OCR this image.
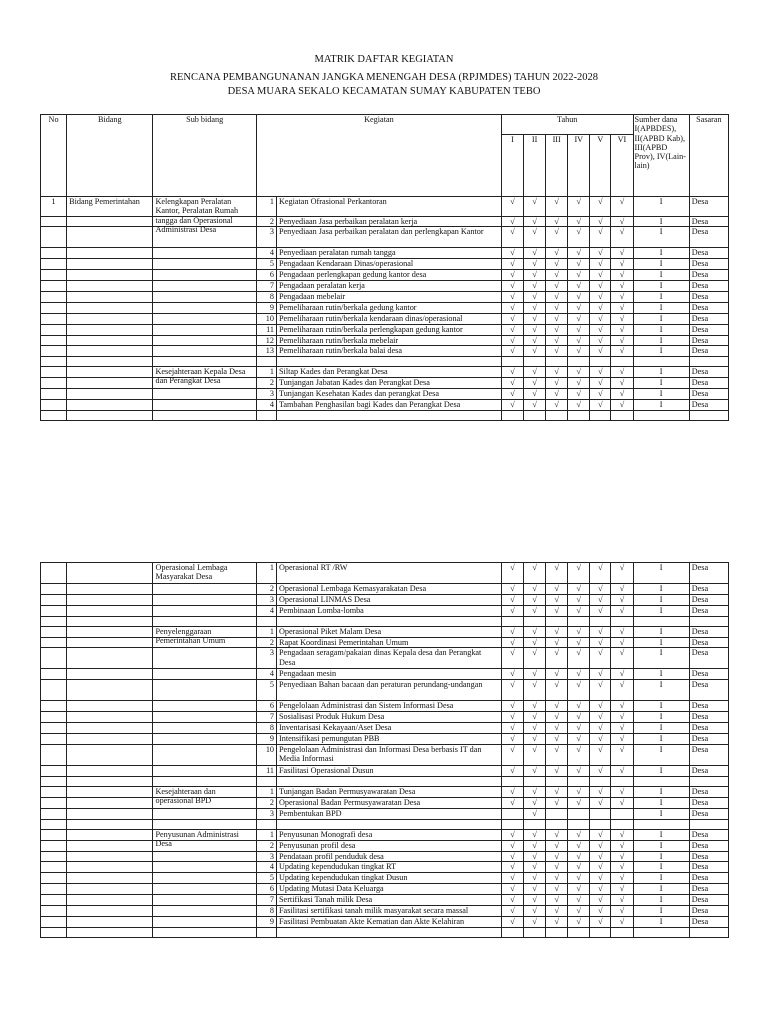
MATRIK DAFTAR KEGIATAN
RENCANA PEMBANGUNANAN JANGKA MENENGAH DESA (RPJMDES) TAHUN 2022-2028
DESA MUARA SEKALO KECAMATAN SUMAY KABUPATEN TEBO
No	Bidang	Sub bidang	Kegiatan		Tahun						Sumber dana I(APBDES), II(APBD Kab), III(APBD Prov), IV(Lain-lain)	Sasaran
					I	II	III	IV	V	VI		
1	Bidang Pemerintahan	Kelengkapan Peralatan Kantor, Peralatan Rumah tangga dan Operasional Administrasi Desa	1	Kegiatan Ofrasional Perkantoran	√	√	√	√	√	√	I	Desa
			2	Penyediaan Jasa perbaikan peralatan kerja	√	√	√	√	√	√	I	Desa
			3	Penyediaan Jasa perbaikan peralatan dan perlengkapan Kantor	√	√	√	√	√	√	I	Desa
			4	Penyediaan peralatan rumah tangga	√	√	√	√	√	√	I	Desa
			5	Pengadaan Kendaraan Dinas/operasional	√	√	√	√	√	√	I	Desa
			6	Pengadaan perlengkapan gedung kantor desa	√	√	√	√	√	√	I	Desa
			7	Pengadaan peralatan kerja	√	√	√	√	√	√	I	Desa
			8	Pengadaan mebelair	√	√	√	√	√	√	I	Desa
			9	Pemeliharaan rutin/berkala gedung kantor	√	√	√	√	√	√	I	Desa
			10	Pemeliharaan rutin/berkala kendaraan dinas/operasional	√	√	√	√	√	√	I	Desa
			11	Pemeliharaan rutin/berkala perlengkapan gedung kantor	√	√	√	√	√	√	I	Desa
			12	Pemeliharaan rutin/berkala mebelair	√	√	√	√	√	√	I	Desa
			13	Pemeliharaan rutin/berkala balai desa	√	√	√	√	√	√	I	Desa

		Kesejahteraan Kepala Desa dan Perangkat Desa	1	Siltap Kades dan Perangkat Desa	√	√	√	√	√	√	I	Desa
			2	Tunjangan Jabatan Kades dan Perangkat Desa	√	√	√	√	√	√	I	Desa
			3	Tunjangan Kesehatan Kades dan perangkat Desa	√	√	√	√	√	√	I	Desa
			4	Tambahan Penghasilan bagi Kades dan Perangkat Desa	√	√	√	√	√	√	I	Desa

		Operasional Lembaga Masyarakat Desa	1	Operasional RT /RW	√	√	√	√	√	√	I	Desa
			2	Operasional Lembaga Kemasyarakatan Desa	√	√	√	√	√	√	I	Desa
			3	Operasional LINMAS Desa	√	√	√	√	√	√	I	Desa
			4	Pembinaan Lomba-lomba	√	√	√	√	√	√	I	Desa

		Penyelenggaraan Pemerintahan Umum	1	Operasional Piket Malam Desa	√	√	√	√	√	√	I	Desa
			2	Rapat Koordinasi Pemerintahan Umum	√	√	√	√	√	√	I	Desa
			3	Pengadaan seragam/pakaian dinas Kepala desa dan Perangkat Desa	√	√	√	√	√	√	I	Desa
			4	Pengadaan mesin	√	√	√	√	√	√	I	Desa
			5	Penyediaan Bahan bacaan dan peraturan perundang-undangan	√	√	√	√	√	√	I	Desa
			6	Pengelolaan Administrasi dan Sistem Informasi Desa	√	√	√	√	√	√	I	Desa
			7	Sosialisasi Produk Hukum Desa	√	√	√	√	√	√	I	Desa
			8	Inventarisasi Kekayaan/Aset Desa	√	√	√	√	√	√	I	Desa
			9	Intensifikasi pemungutan PBB	√	√	√	√	√	√	I	Desa
			10	Pengelolaan Administrasi dan Informasi Desa berbasis IT dan Media Informasi	√	√	√	√	√	√	I	Desa
			11	Fasilitasi Operasional Dusun	√	√	√	√	√	√	I	Desa

		Kesejahteraan dan operasional BPD	1	Tunjangan Badan Permusyawaratan Desa	√	√	√	√	√	√	I	Desa
			2	Operasional Badan Permusyawaratan Desa	√	√	√	√	√	√	I	Desa
			3	Pembentukan BPD		√					I	Desa

		Penyusunan Administrasi Desa	1	Penyusunan Monografi desa	√	√	√	√	√	√	I	Desa
			2	Penyusunan profil desa	√	√	√	√	√	√	I	Desa
			3	Pendataan profil penduduk desa	√	√	√	√	√	√	I	Desa
			4	Updating kependudukan tingkat RT	√	√	√	√	√	√	I	Desa
			5	Updating kependudukan tingkat Dusun	√	√	√	√	√	√	I	Desa
			6	Updating Mutasi Data Keluarga	√	√	√	√	√	√	I	Desa
			7	Sertifikasi Tanah milik Desa	√	√	√	√	√	√	I	Desa
			8	Fasilitasi sertifikasi tanah milik masyarakat secara massal	√	√	√	√	√	√	I	Desa
			9	Fasilitasi Pembuatan Akte Kematian dan Akte Kelahiran	√	√	√	√	√	√	I	Desa
